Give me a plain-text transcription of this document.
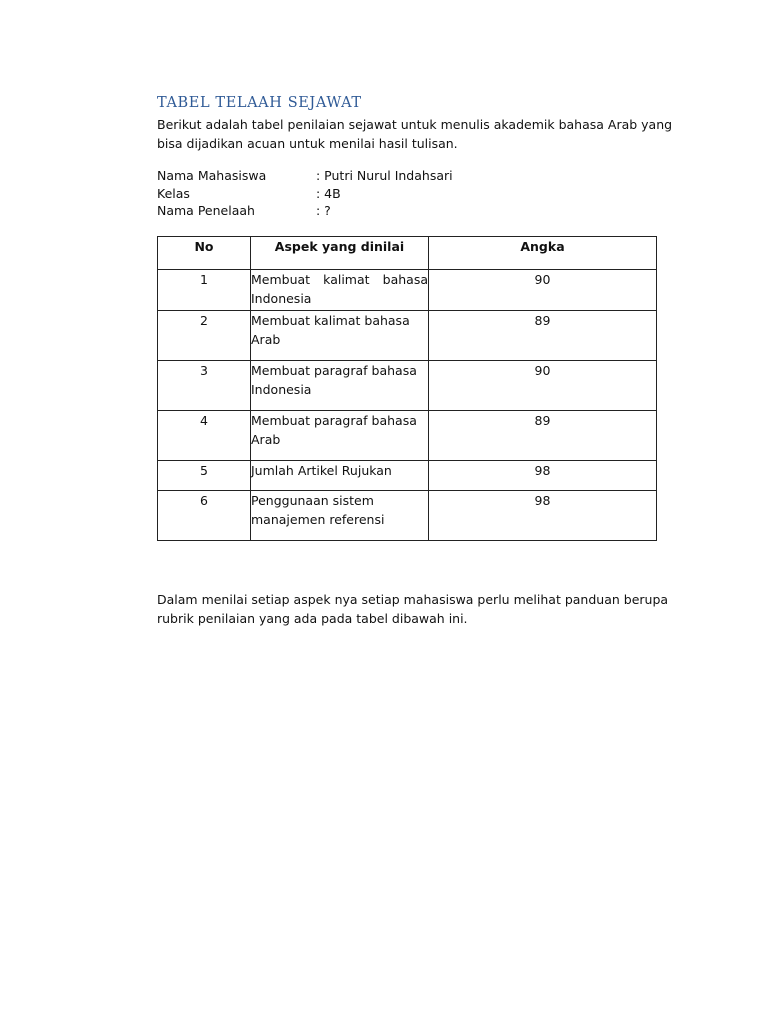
TABEL TELAAH SEJAWAT

Berikut adalah tabel penilaian sejawat untuk menulis akademik bahasa Arab yang bisa dijadikan acuan untuk menilai hasil tulisan.

Nama Mahasiswa	: Putri Nurul Indahsari
Kelas	: 4B
Nama Penelaah	: ?
No	Aspek yang dinilai	Angka

1	Membuat kalimat bahasa Indonesia	90
2	Membuat kalimat bahasa Arab	89
3	Membuat paragraf bahasa Indonesia	90
4	Membuat paragraf bahasa Arab	89
5	Jumlah Artikel Rujukan	98
6	Penggunaan sistem manajemen referensi	98

Dalam menilai setiap aspek nya setiap mahasiswa perlu melihat panduan berupa rubrik penilaian yang ada pada tabel dibawah ini.
